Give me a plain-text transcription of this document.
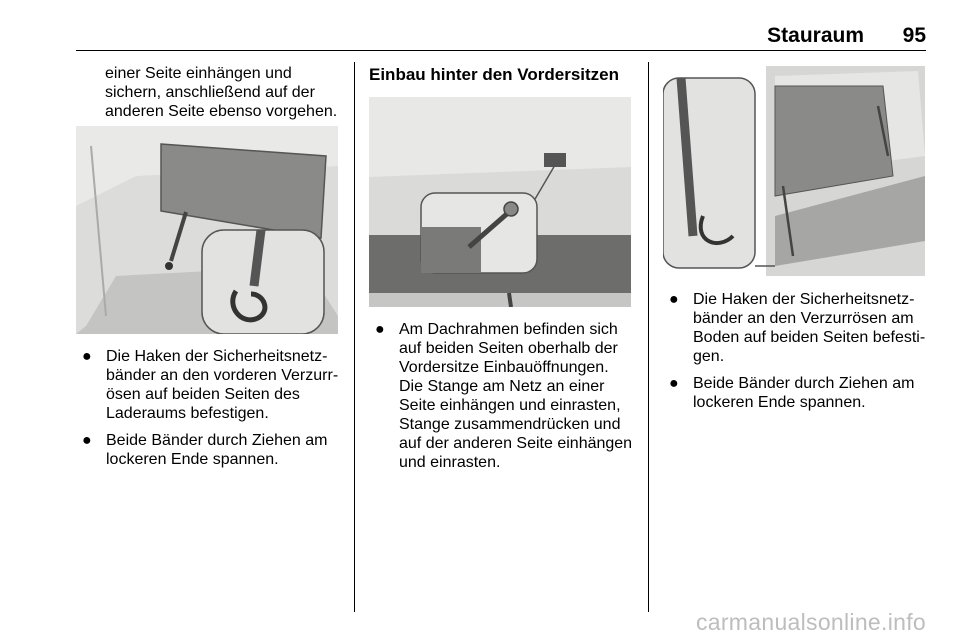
Stauraum 95

einer Seite einhängen und sichern, anschließend auf der anderen Seite ebenso vorgehen.

● Die Haken der Sicherheitsnetz-bänder an den vorderen Verzurr-ösen auf beiden Seiten des Laderaums befestigen.
● Beide Bänder durch Ziehen am lockeren Ende spannen.
Einbau hinter den Vordersitzen
● Am Dachrahmen befinden sich auf beiden Seiten oberhalb der Vordersitze Einbauöffnungen. Die Stange am Netz an einer Seite einhängen und einrasten, Stange zusammendrücken und auf der anderen Seite einhängen und einrasten.
● Die Haken der Sicherheitsnetz-bänder an den Verzurrösen am Boden auf beiden Seiten befesti-gen.
● Beide Bänder durch Ziehen am lockeren Ende spannen.
carmanualsonline.info
